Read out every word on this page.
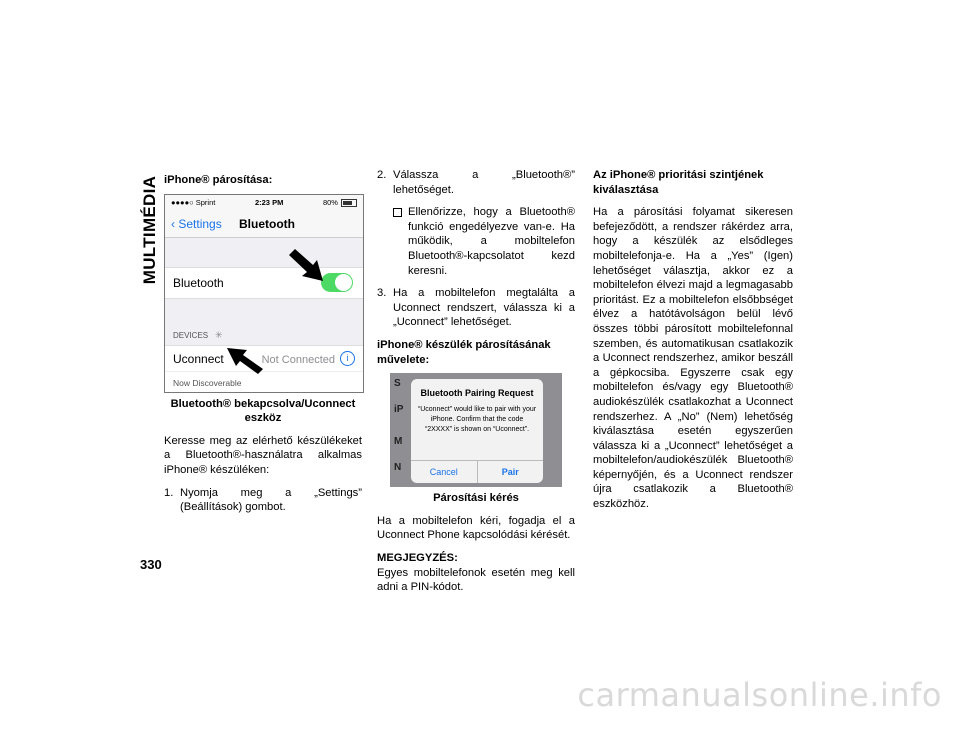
MULTIMÉDIA iPhone® párosítása:
●●●●○ Sprint	2:23 PM	80%
‹ Settings Bluetooth
Bluetooth
DEVICES ✳
Uconnect	Not Connected	i
Now Discoverable
Bluetooth® bekapcsolva/Uconnect eszköz

Keresse meg az elérhető készülékeket a Bluetooth®-használatra alkalmas iPhone® készüléken:

1. Nyomja meg a „Settings” (Beállítások) gombot.
2. Válassza a „Bluetooth®” lehetőséget.
Ellenőrizze, hogy a Bluetooth® funkció engedélyezve van-e. Ha működik, a mobiltelefon Bluetooth®-kapcsolatot kezd keresni.
3. Ha a mobiltelefon megtalálta a Uconnect rendszert, válassza ki a „Uconnect” lehetőséget.
iPhone® készülék párosításának művelete:
S
iP
M
N
Bluetooth Pairing Request
“Uconnect” would like to pair with your iPhone. Confirm that the code “2XXXX” is shown on “Uconnect”.
Cancel	Pair
Párosítási kérés

Ha a mobiltelefon kéri, fogadja el a Uconnect Phone kapcsolódási kérését.

MEGJEGYZÉS:

Egyes mobiltelefonok esetén meg kell adni a PIN-kódot.

Az iPhone® prioritási szintjének kiválasztása

Ha a párosítási folyamat sikeresen befejeződött, a rendszer rákérdez arra, hogy a készülék az elsődleges mobiltelefonja-e. Ha a „Yes” (Igen) lehetőséget választja, akkor ez a mobiltelefon élvezi majd a legmagasabb prioritást. Ez a mobiltelefon elsőbbséget élvez a hatótávolságon belül lévő összes többi párosított mobiltelefonnal szemben, és automatikusan csatlakozik a Uconnect rendszerhez, amikor beszáll a gépkocsiba. Egyszerre csak egy mobiltelefon és/vagy egy Bluetooth® audiokészülék csatlakozhat a Uconnect rendszerhez. A „No” (Nem) lehetőség kiválasztása esetén egyszerűen válassza ki a „Uconnect” lehetőséget a mobiltelefon/audiokészülék Bluetooth® képernyőjén, és a Uconnect rendszer újra csatlakozik a Bluetooth® eszközhöz.

330
carmanualsonline.info
